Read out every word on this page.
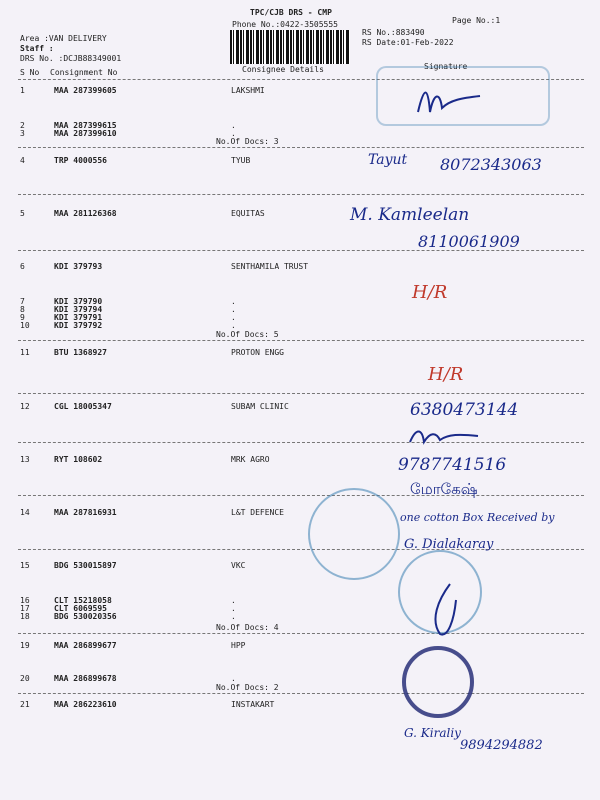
TPC/CJB DRS - CMP
Phone No.:0422-3505555	Page No.:1
Area :VAN DELIVERY
Staff :
DRS No. :DCJB88349001
RS No.:883490
RS Date:01-Feb-2022
S No Consignment No	Consignee Details	Signature
1	MAA 287399605	LAKSHMI
2	MAA 287399615	.
3	MAA 287399610	.
4	TRP 4000556	TYUB
5	MAA 281126368	EQUITAS
6	KDI 379793	SENTHAMILA TRUST
7	KDI 379790	.
8	KDI 379794	.
9	KDI 379791	.
10	KDI 379792	.
11	BTU 1368927	PROTON ENGG
12	CGL 18005347	SUBAM CLINIC
13	RYT 108602	MRK AGRO
14	MAA 287816931	L&T DEFENCE
15	BDG 530015897	VKC
16	CLT 15218058	.
17	CLT 6069595	.
18	BDG 530020356	.
19	MAA 286899677	HPP
20	MAA 286899678	.
21	MAA 286223610	INSTAKART
No.Of Docs: 3
No.Of Docs: 5
No.Of Docs: 4
No.Of Docs: 2
8072343063
Tayut
M. Kamleelan
8110061909
H/R
H/R
6380473144
9787741516
மோகேஷ்
one cotton Box Received by
G. Dialakaray
G. Kiraliy
9894294882
